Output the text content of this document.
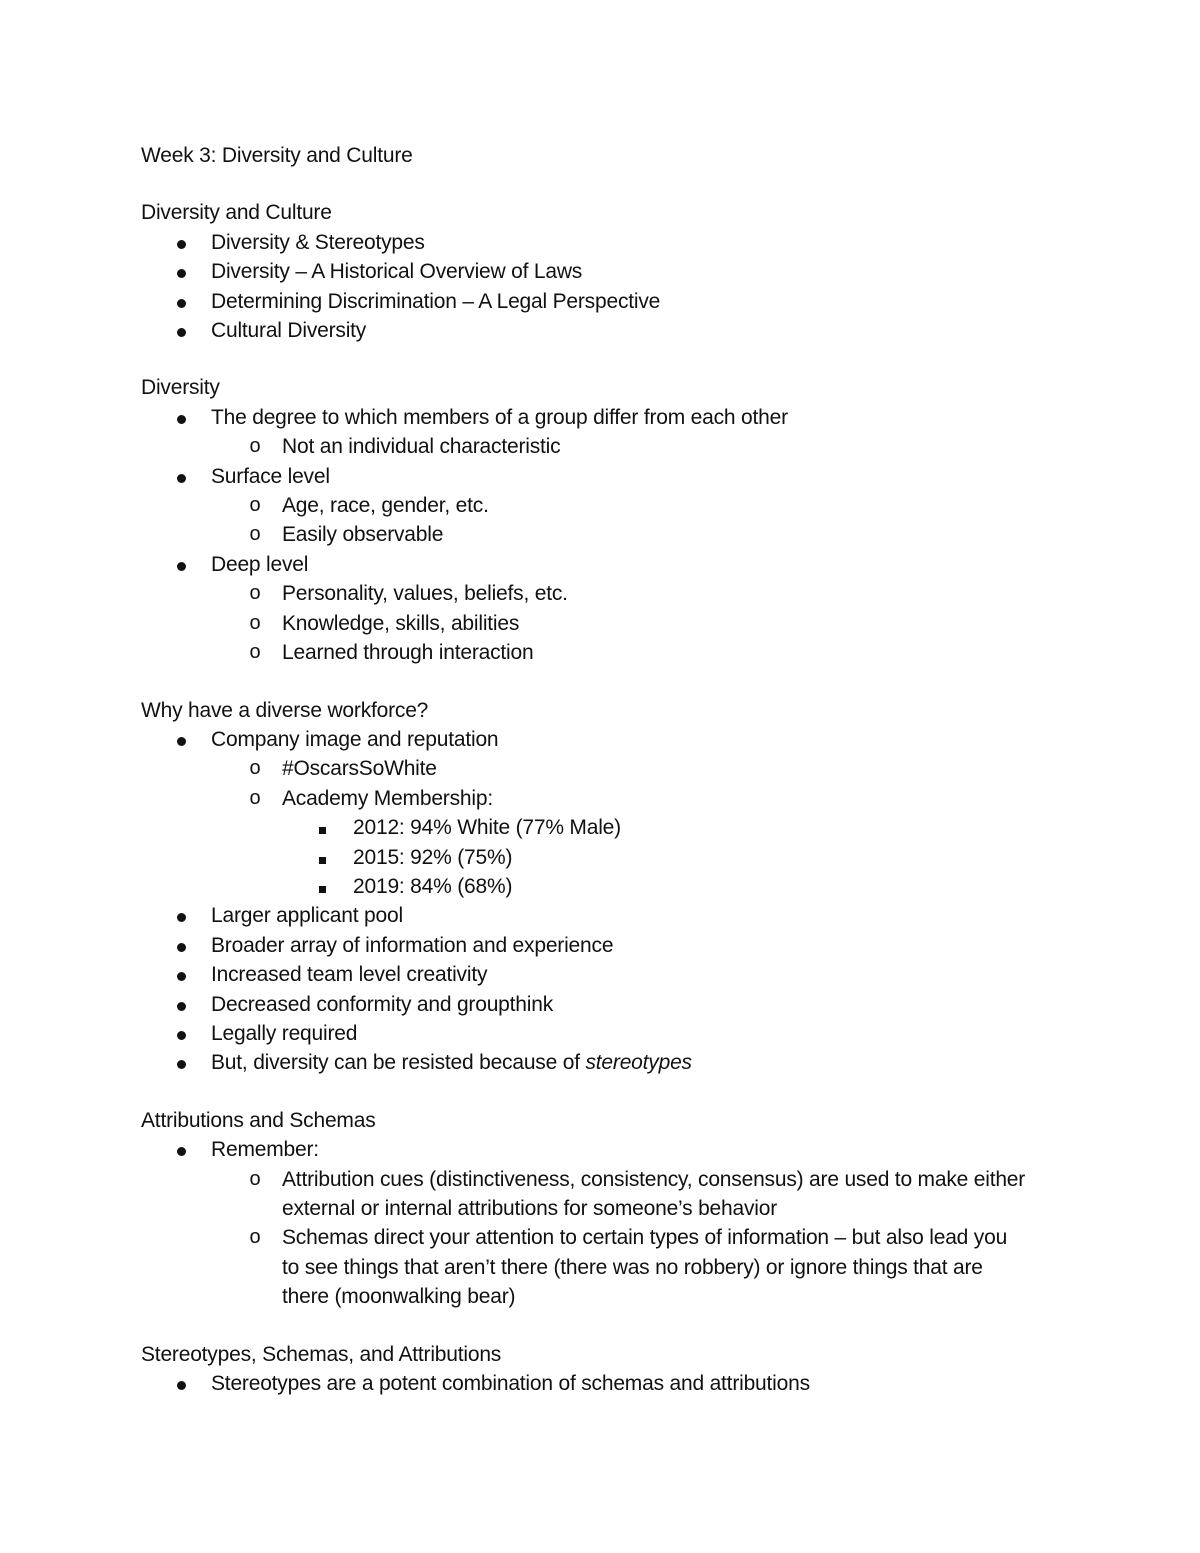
Week 3: Diversity and Culture
Diversity and Culture
Diversity & Stereotypes
Diversity – A Historical Overview of Laws
Determining Discrimination – A Legal Perspective
Cultural Diversity
Diversity
The degree to which members of a group differ from each other
o Not an individual characteristic
Surface level
o Age, race, gender, etc.
o Easily observable
Deep level
o Personality, values, beliefs, etc.
o Knowledge, skills, abilities
o Learned through interaction
Why have a diverse workforce?
Company image and reputation
o #OscarsSoWhite
o Academy Membership:
2012: 94% White (77% Male)
2015: 92% (75%)
2019: 84% (68%)
Larger applicant pool
Broader array of information and experience
Increased team level creativity
Decreased conformity and groupthink
Legally required
But, diversity can be resisted because of stereotypes
Attributions and Schemas
Remember:
o Attribution cues (distinctiveness, consistency, consensus) are used to make either
external or internal attributions for someone’s behavior
o Schemas direct your attention to certain types of information – but also lead you
to see things that aren’t there (there was no robbery) or ignore things that are
there (moonwalking bear)
Stereotypes, Schemas, and Attributions
Stereotypes are a potent combination of schemas and attributions
